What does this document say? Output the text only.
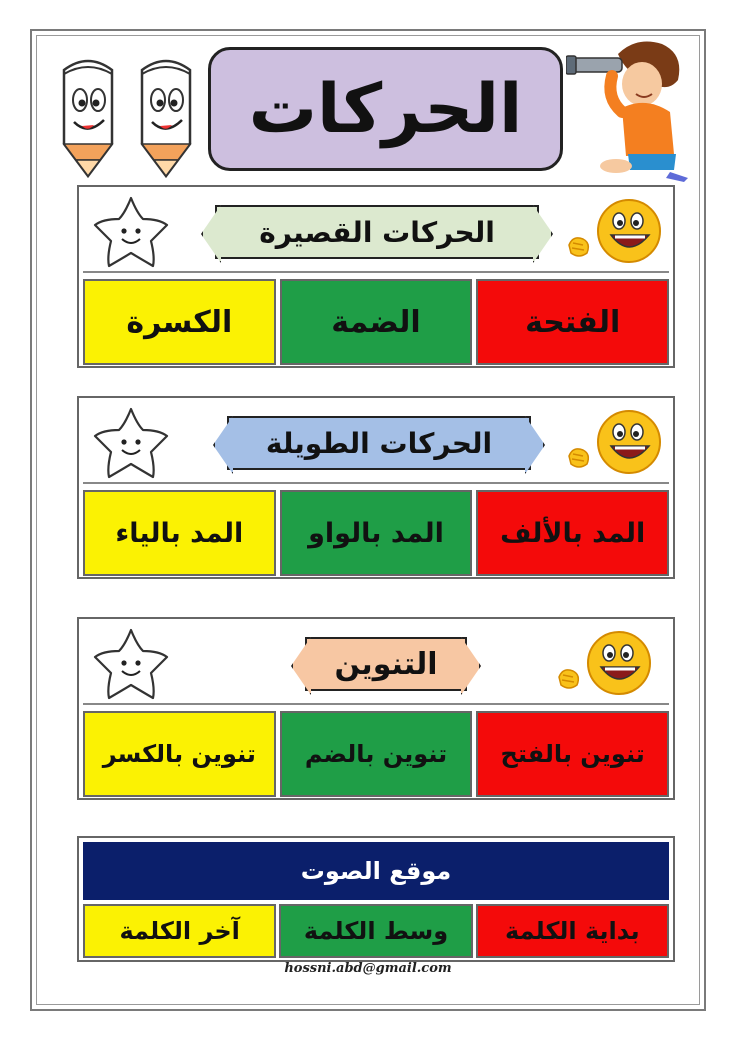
الحركات
الحركات القصيرة
الفتحة
الضمة
الكسرة
الحركات الطويلة
المد بالألف
المد بالواو
المد بالياء
التنوين
تنوين بالفتح
تنوين بالضم
تنوين بالكسر
موقع الصوت
بداية الكلمة
وسط الكلمة
آخر الكلمة
hossni.abd@gmail.com
